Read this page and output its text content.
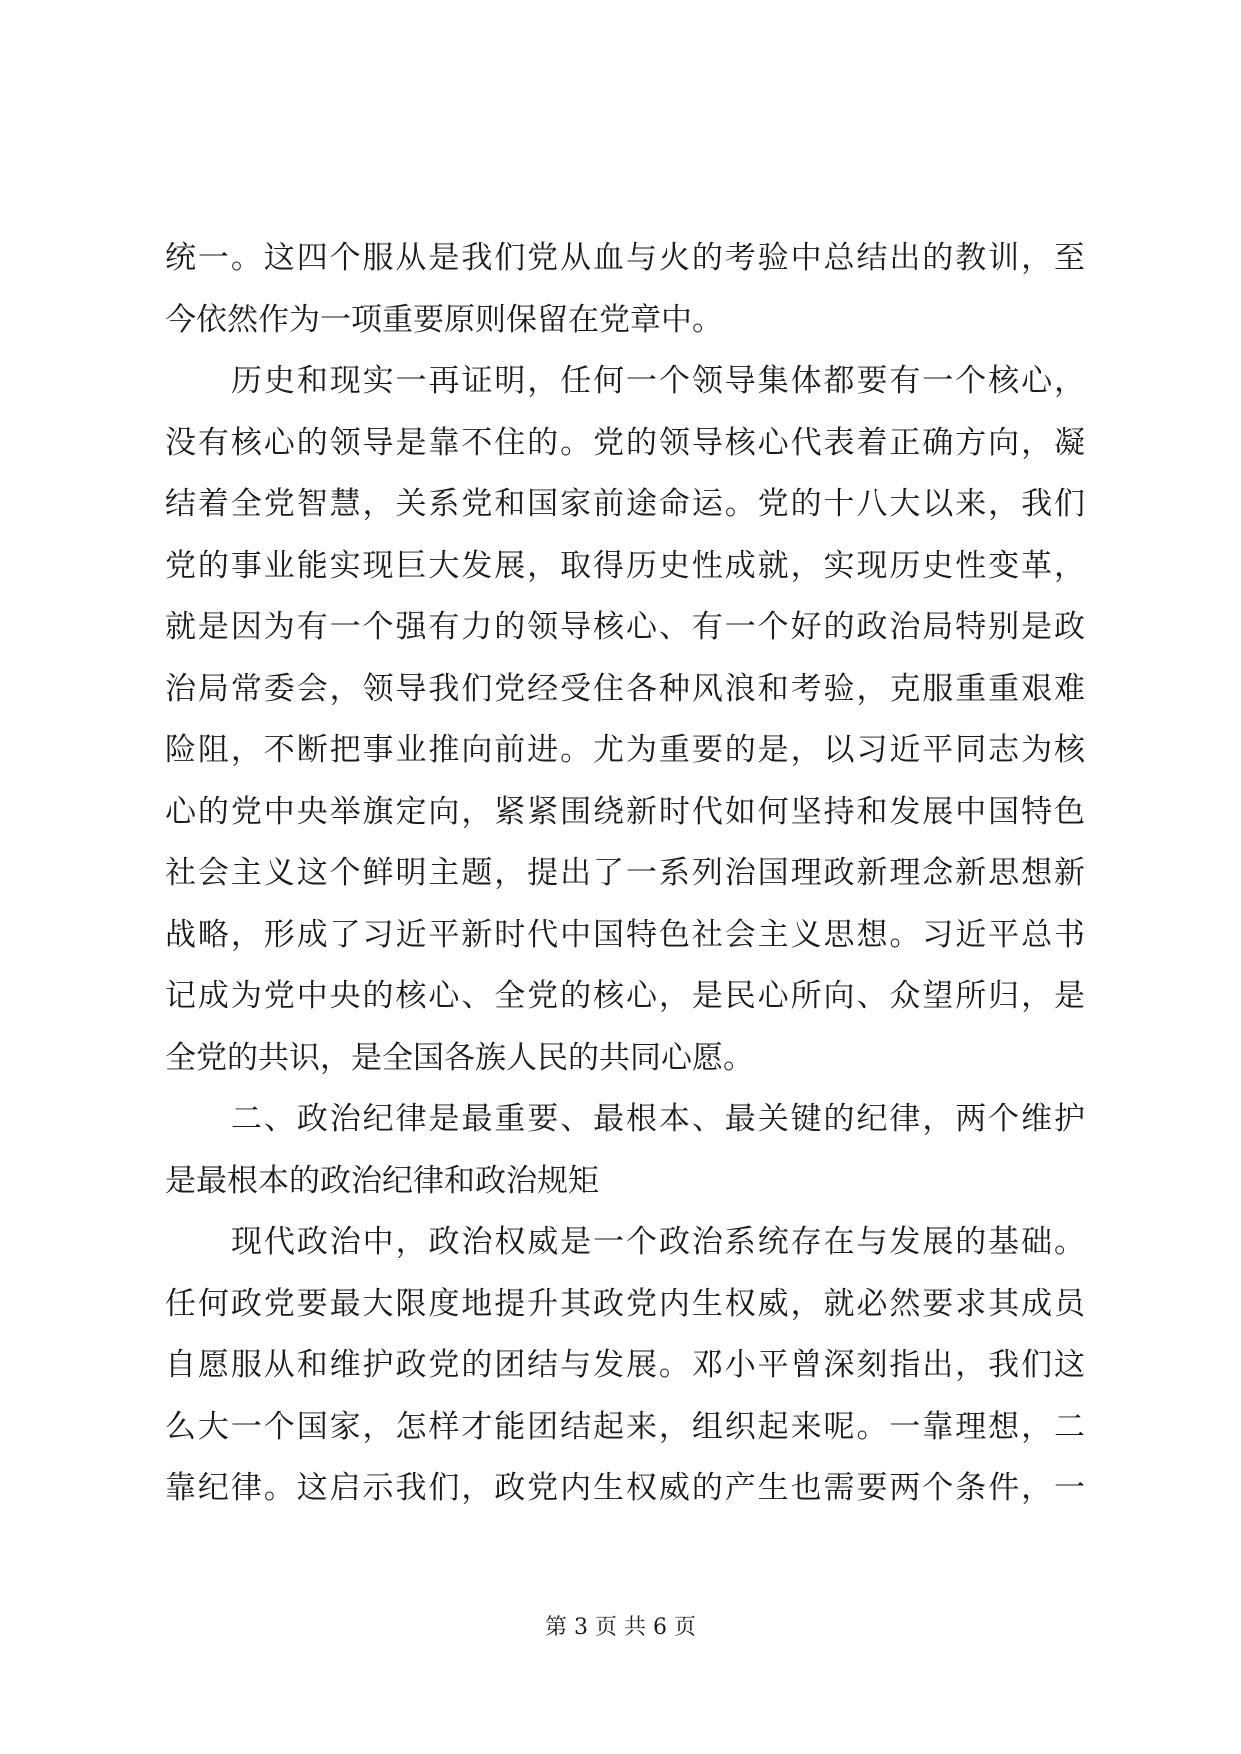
统一。这四个服从是我们党从血与火的考验中总结出的教训，至
今依然作为一项重要原则保留在党章中。
历史和现实一再证明，任何一个领导集体都要有一个核心，
没有核心的领导是靠不住的。党的领导核心代表着正确方向，凝
结着全党智慧，关系党和国家前途命运。党的十八大以来，我们
党的事业能实现巨大发展，取得历史性成就，实现历史性变革，
就是因为有一个强有力的领导核心、有一个好的政治局特别是政
治局常委会，领导我们党经受住各种风浪和考验，克服重重艰难
险阻，不断把事业推向前进。尤为重要的是，以习近平同志为核
心的党中央举旗定向，紧紧围绕新时代如何坚持和发展中国特色
社会主义这个鲜明主题，提出了一系列治国理政新理念新思想新
战略，形成了习近平新时代中国特色社会主义思想。习近平总书
记成为党中央的核心、全党的核心，是民心所向、众望所归，是
全党的共识，是全国各族人民的共同心愿。
二、政治纪律是最重要、最根本、最关键的纪律，两个维护
是最根本的政治纪律和政治规矩
现代政治中，政治权威是一个政治系统存在与发展的基础。
任何政党要最大限度地提升其政党内生权威，就必然要求其成员
自愿服从和维护政党的团结与发展。邓小平曾深刻指出，我们这
么大一个国家，怎样才能团结起来，组织起来呢。一靠理想，二
靠纪律。这启示我们，政党内生权威的产生也需要两个条件，一
第 3 页 共 6 页
